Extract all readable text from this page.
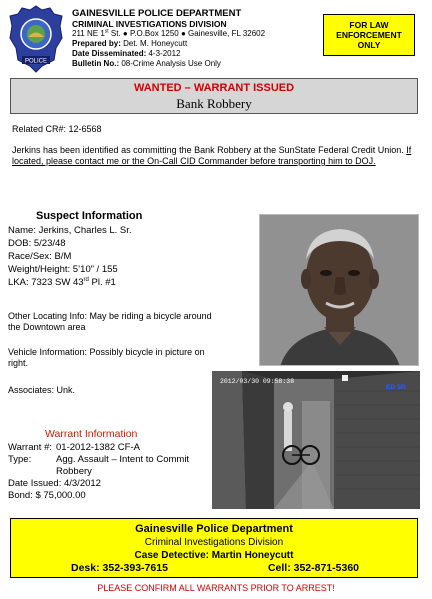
POLICE
GAINESVILLE POLICE DEPARTMENT
CRIMINAL INVESTIGATIONS DIVISION
211 NE 1st St. ● P.O.Box 1250 ● Gainesville, FL 32602
Prepared by: Det. M. Honeycutt
Date Disseminated: 4-3-2012
Bulletin No.: 08-Crime Analysis Use Only
FOR LAW ENFORCEMENT ONLY
WANTED – WARRANT ISSUED
Bank Robbery
Related CR#: 12-6568
Jerkins has been identified as committing the Bank Robbery at the SunState Federal Credit Union. If located, please contact me or the On-Call CID Commander before transporting him to DOJ.
Suspect Information
Name: Jerkins, Charles L. Sr.
DOB: 5/23/48
Race/Sex: B/M
Weight/Height: 5’10” / 155
LKA: 7323 SW 43rd Pl. #1
Other Locating Info: May be riding a bicycle around the Downtown area
Vehicle Information: Possibly bicycle in picture on right.
Associates: Unk.
2012/03/30 09:58:38
ED SR
Warrant Information
Warrant #: 01-2012-1382 CF-A
Type:	Agg. Assault – Intent to Commit Robbery
Date Issued: 4/3/2012
Bond: $ 75,000.00
Gainesville Police Department
Criminal Investigations Division
Case Detective: Martin Honeycutt
Desk: 352-393-7615	Cell: 352-871-5360
PLEASE CONFIRM ALL WARRANTS PRIOR TO ARREST!
